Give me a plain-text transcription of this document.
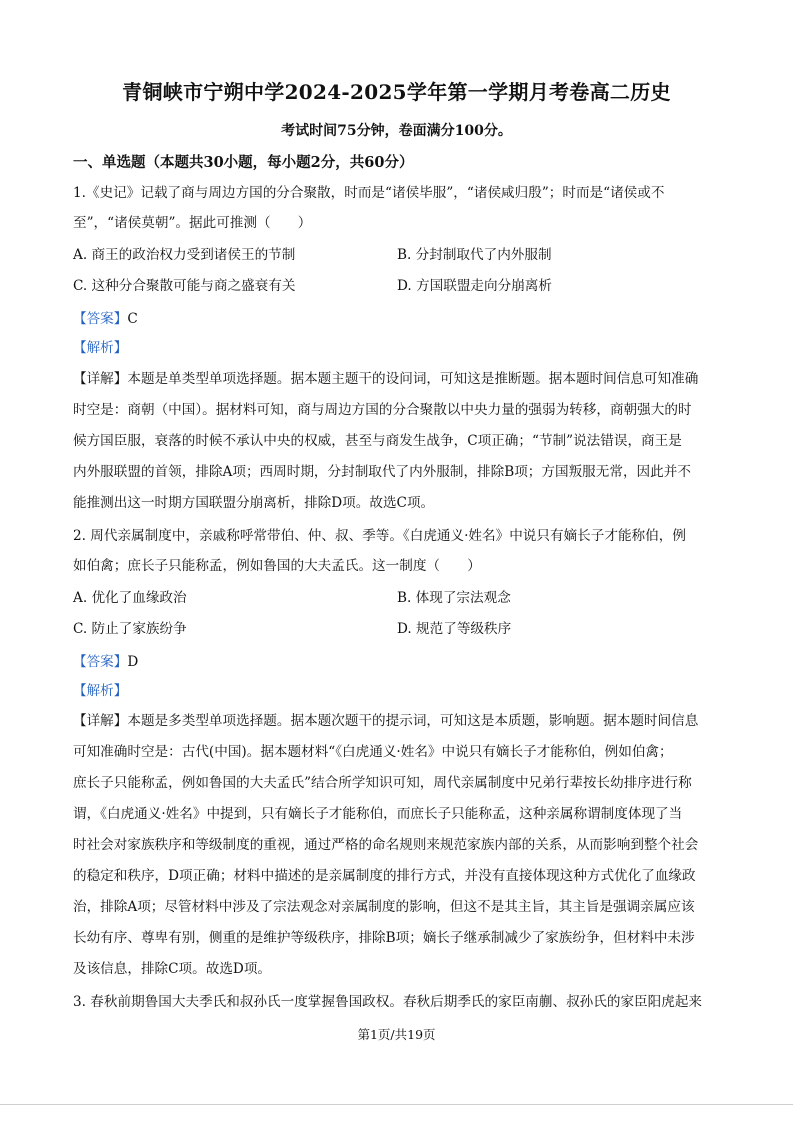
青铜峡市宁朔中学2024-2025学年第一学期月考卷高二历史
考试时间75分钟，卷面满分100分。
一、单选题（本题共30小题，每小题2分，共60分）
1.《史记》记载了商与周边方国的分合聚散，时而是“诸侯毕服”，“诸侯咸归殷”；时而是“诸侯或不
至”，“诸侯莫朝”。据此可推测（　　）
A. 商王的政治权力受到诸侯王的节制	B. 分封制取代了内外服制
C. 这种分合聚散可能与商之盛衰有关	D. 方国联盟走向分崩离析
【答案】C
【解析】
【详解】本题是单类型单项选择题。据本题主题干的设问词，可知这是推断题。据本题时间信息可知准确
时空是：商朝（中国）。据材料可知，商与周边方国的分合聚散以中央力量的强弱为转移，商朝强大的时
候方国臣服，衰落的时候不承认中央的权威，甚至与商发生战争，C项正确；“节制”说法错误，商王是
内外服联盟的首领，排除A项；西周时期，分封制取代了内外服制，排除B项；方国叛服无常，因此并不
能推测出这一时期方国联盟分崩离析，排除D项。故选C项。
2. 周代亲属制度中，亲戚称呼常带伯、仲、叔、季等。《白虎通义·姓名》中说只有嫡长子才能称伯，例
如伯禽；庶长子只能称孟，例如鲁国的大夫孟氏。这一制度（　　）
A. 优化了血缘政治	B. 体现了宗法观念
C. 防止了家族纷争	D. 规范了等级秩序
【答案】D
【解析】
【详解】本题是多类型单项选择题。据本题次题干的提示词，可知这是本质题，影响题。据本题时间信息
可知准确时空是：古代(中国)。据本题材料“《白虎通义·姓名》中说只有嫡长子才能称伯，例如伯禽；
庶长子只能称孟，例如鲁国的大夫孟氏”结合所学知识可知，周代亲属制度中兄弟行辈按长幼排序进行称
谓，《白虎通义·姓名》中提到，只有嫡长子才能称伯，而庶长子只能称孟，这种亲属称谓制度体现了当
时社会对家族秩序和等级制度的重视，通过严格的命名规则来规范家族内部的关系，从而影响到整个社会
的稳定和秩序，D项正确；材料中描述的是亲属制度的排行方式，并没有直接体现这种方式优化了血缘政
治，排除A项；尽管材料中涉及了宗法观念对亲属制度的影响，但这不是其主旨，其主旨是强调亲属应该
长幼有序、尊卑有别，侧重的是维护等级秩序，排除B项；嫡长子继承制减少了家族纷争，但材料中未涉
及该信息，排除C项。故选D项。
3. 春秋前期鲁国大夫季氏和叔孙氏一度掌握鲁国政权。春秋后期季氏的家臣南蒯、叔孙氏的家臣阳虎起来
第1页/共19页
